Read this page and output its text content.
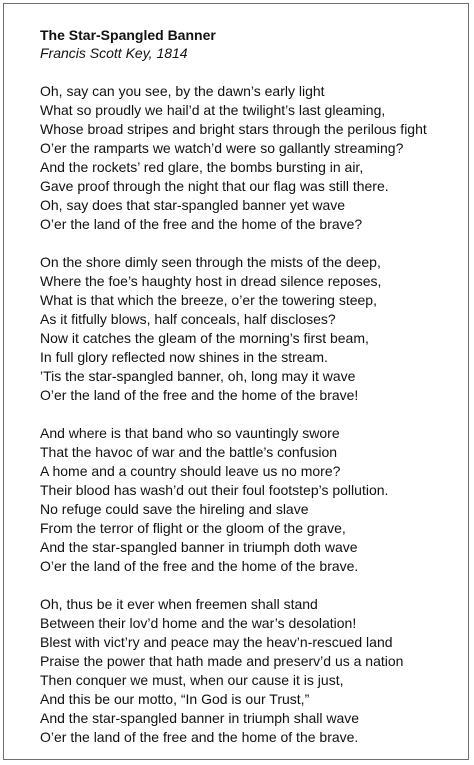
The Star-Spangled Banner

Francis Scott Key, 1814

Oh, say can you see, by the dawn’s early light
What so proudly we hail’d at the twilight’s last gleaming,
Whose broad stripes and bright stars through the perilous fight
O’er the ramparts we watch’d were so gallantly streaming?
And the rockets’ red glare, the bombs bursting in air,
Gave proof through the night that our flag was still there.
Oh, say does that star-spangled banner yet wave
O’er the land of the free and the home of the brave?
On the shore dimly seen through the mists of the deep,
Where the foe’s haughty host in dread silence reposes,
What is that which the breeze, o’er the towering steep,
As it fitfully blows, half conceals, half discloses?
Now it catches the gleam of the morning’s first beam,
In full glory reflected now shines in the stream.
’Tis the star-spangled banner, oh, long may it wave
O’er the land of the free and the home of the brave!
And where is that band who so vauntingly swore
That the havoc of war and the battle’s confusion
A home and a country should leave us no more?
Their blood has wash’d out their foul footstep’s pollution.
No refuge could save the hireling and slave
From the terror of flight or the gloom of the grave,
And the star-spangled banner in triumph doth wave
O’er the land of the free and the home of the brave.
Oh, thus be it ever when freemen shall stand
Between their lov’d home and the war’s desolation!
Blest with vict’ry and peace may the heav’n-rescued land
Praise the power that hath made and preserv’d us a nation
Then conquer we must, when our cause it is just,
And this be our motto, “In God is our Trust,”
And the star-spangled banner in triumph shall wave
O’er the land of the free and the home of the brave.
